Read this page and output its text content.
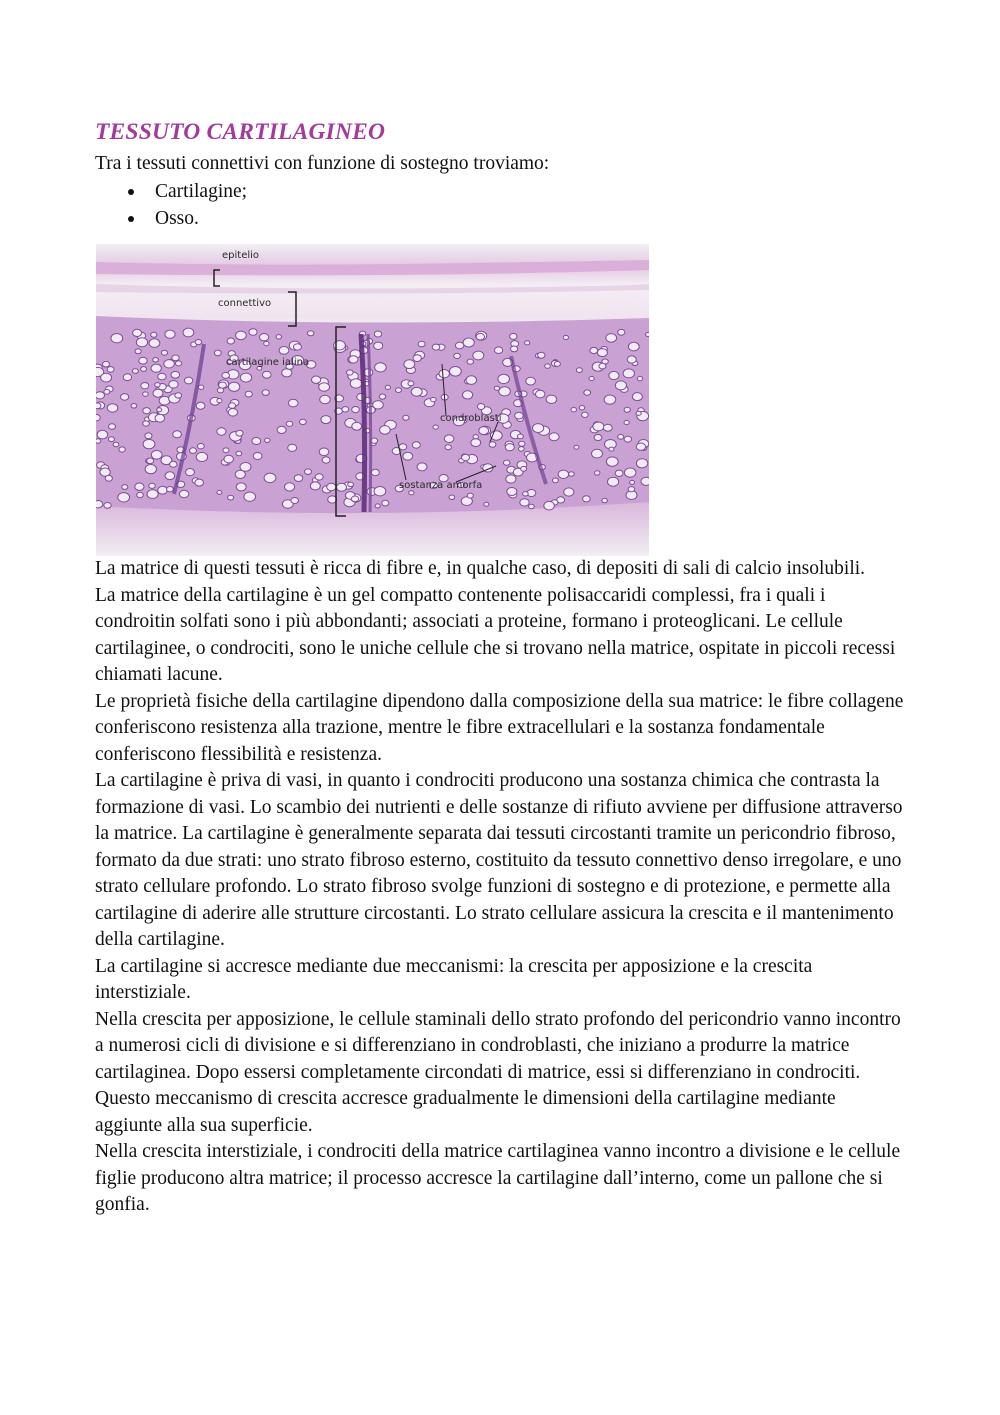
TESSUTO CARTILAGINEO

Tra i tessuti connettivi con funzione di sostegno troviamo:

Cartilagine;
Osso.
epitelio
connettivo
cartilagine ialina
condroblasti
sostanza amorfa

La matrice di questi tessuti è ricca di fibre e, in qualche caso, di depositi di sali di calcio insolubili.

La matrice della cartilagine è un gel compatto contenente polisaccaridi complessi, fra i quali i condroitin solfati sono i più abbondanti; associati a proteine, formano i proteoglicani. Le cellule cartilaginee, o condrociti, sono le uniche cellule che si trovano nella matrice, ospitate in piccoli recessi chiamati lacune.

Le proprietà fisiche della cartilagine dipendono dalla composizione della sua matrice: le fibre collagene conferiscono resistenza alla trazione, mentre le fibre extracellulari e la sostanza fondamentale conferiscono flessibilità e resistenza.

La cartilagine è priva di vasi, in quanto i condrociti producono una sostanza chimica che contrasta la formazione di vasi. Lo scambio dei nutrienti e delle sostanze di rifiuto avviene per diffusione attraverso la matrice. La cartilagine è generalmente separata dai tessuti circostanti tramite un pericondrio fibroso, formato da due strati: uno strato fibroso esterno, costituito da tessuto connettivo denso irregolare, e uno strato cellulare profondo. Lo strato fibroso svolge funzioni di sostegno e di protezione, e permette alla cartilagine di aderire alle strutture circostanti. Lo strato cellulare assicura la crescita e il mantenimento della cartilagine.

La cartilagine si accresce mediante due meccanismi: la crescita per apposizione e la crescita interstiziale.

Nella crescita per apposizione, le cellule staminali dello strato profondo del pericondrio vanno incontro a numerosi cicli di divisione e si differenziano in condroblasti, che iniziano a produrre la matrice cartilaginea. Dopo essersi completamente circondati di matrice, essi si differenziano in condrociti. Questo meccanismo di crescita accresce gradualmente le dimensioni della cartilagine mediante aggiunte alla sua superficie.

Nella crescita interstiziale, i condrociti della matrice cartilaginea vanno incontro a divisione e le cellule figlie producono altra matrice; il processo accresce la cartilagine dall’interno, come un pallone che si gonfia.
